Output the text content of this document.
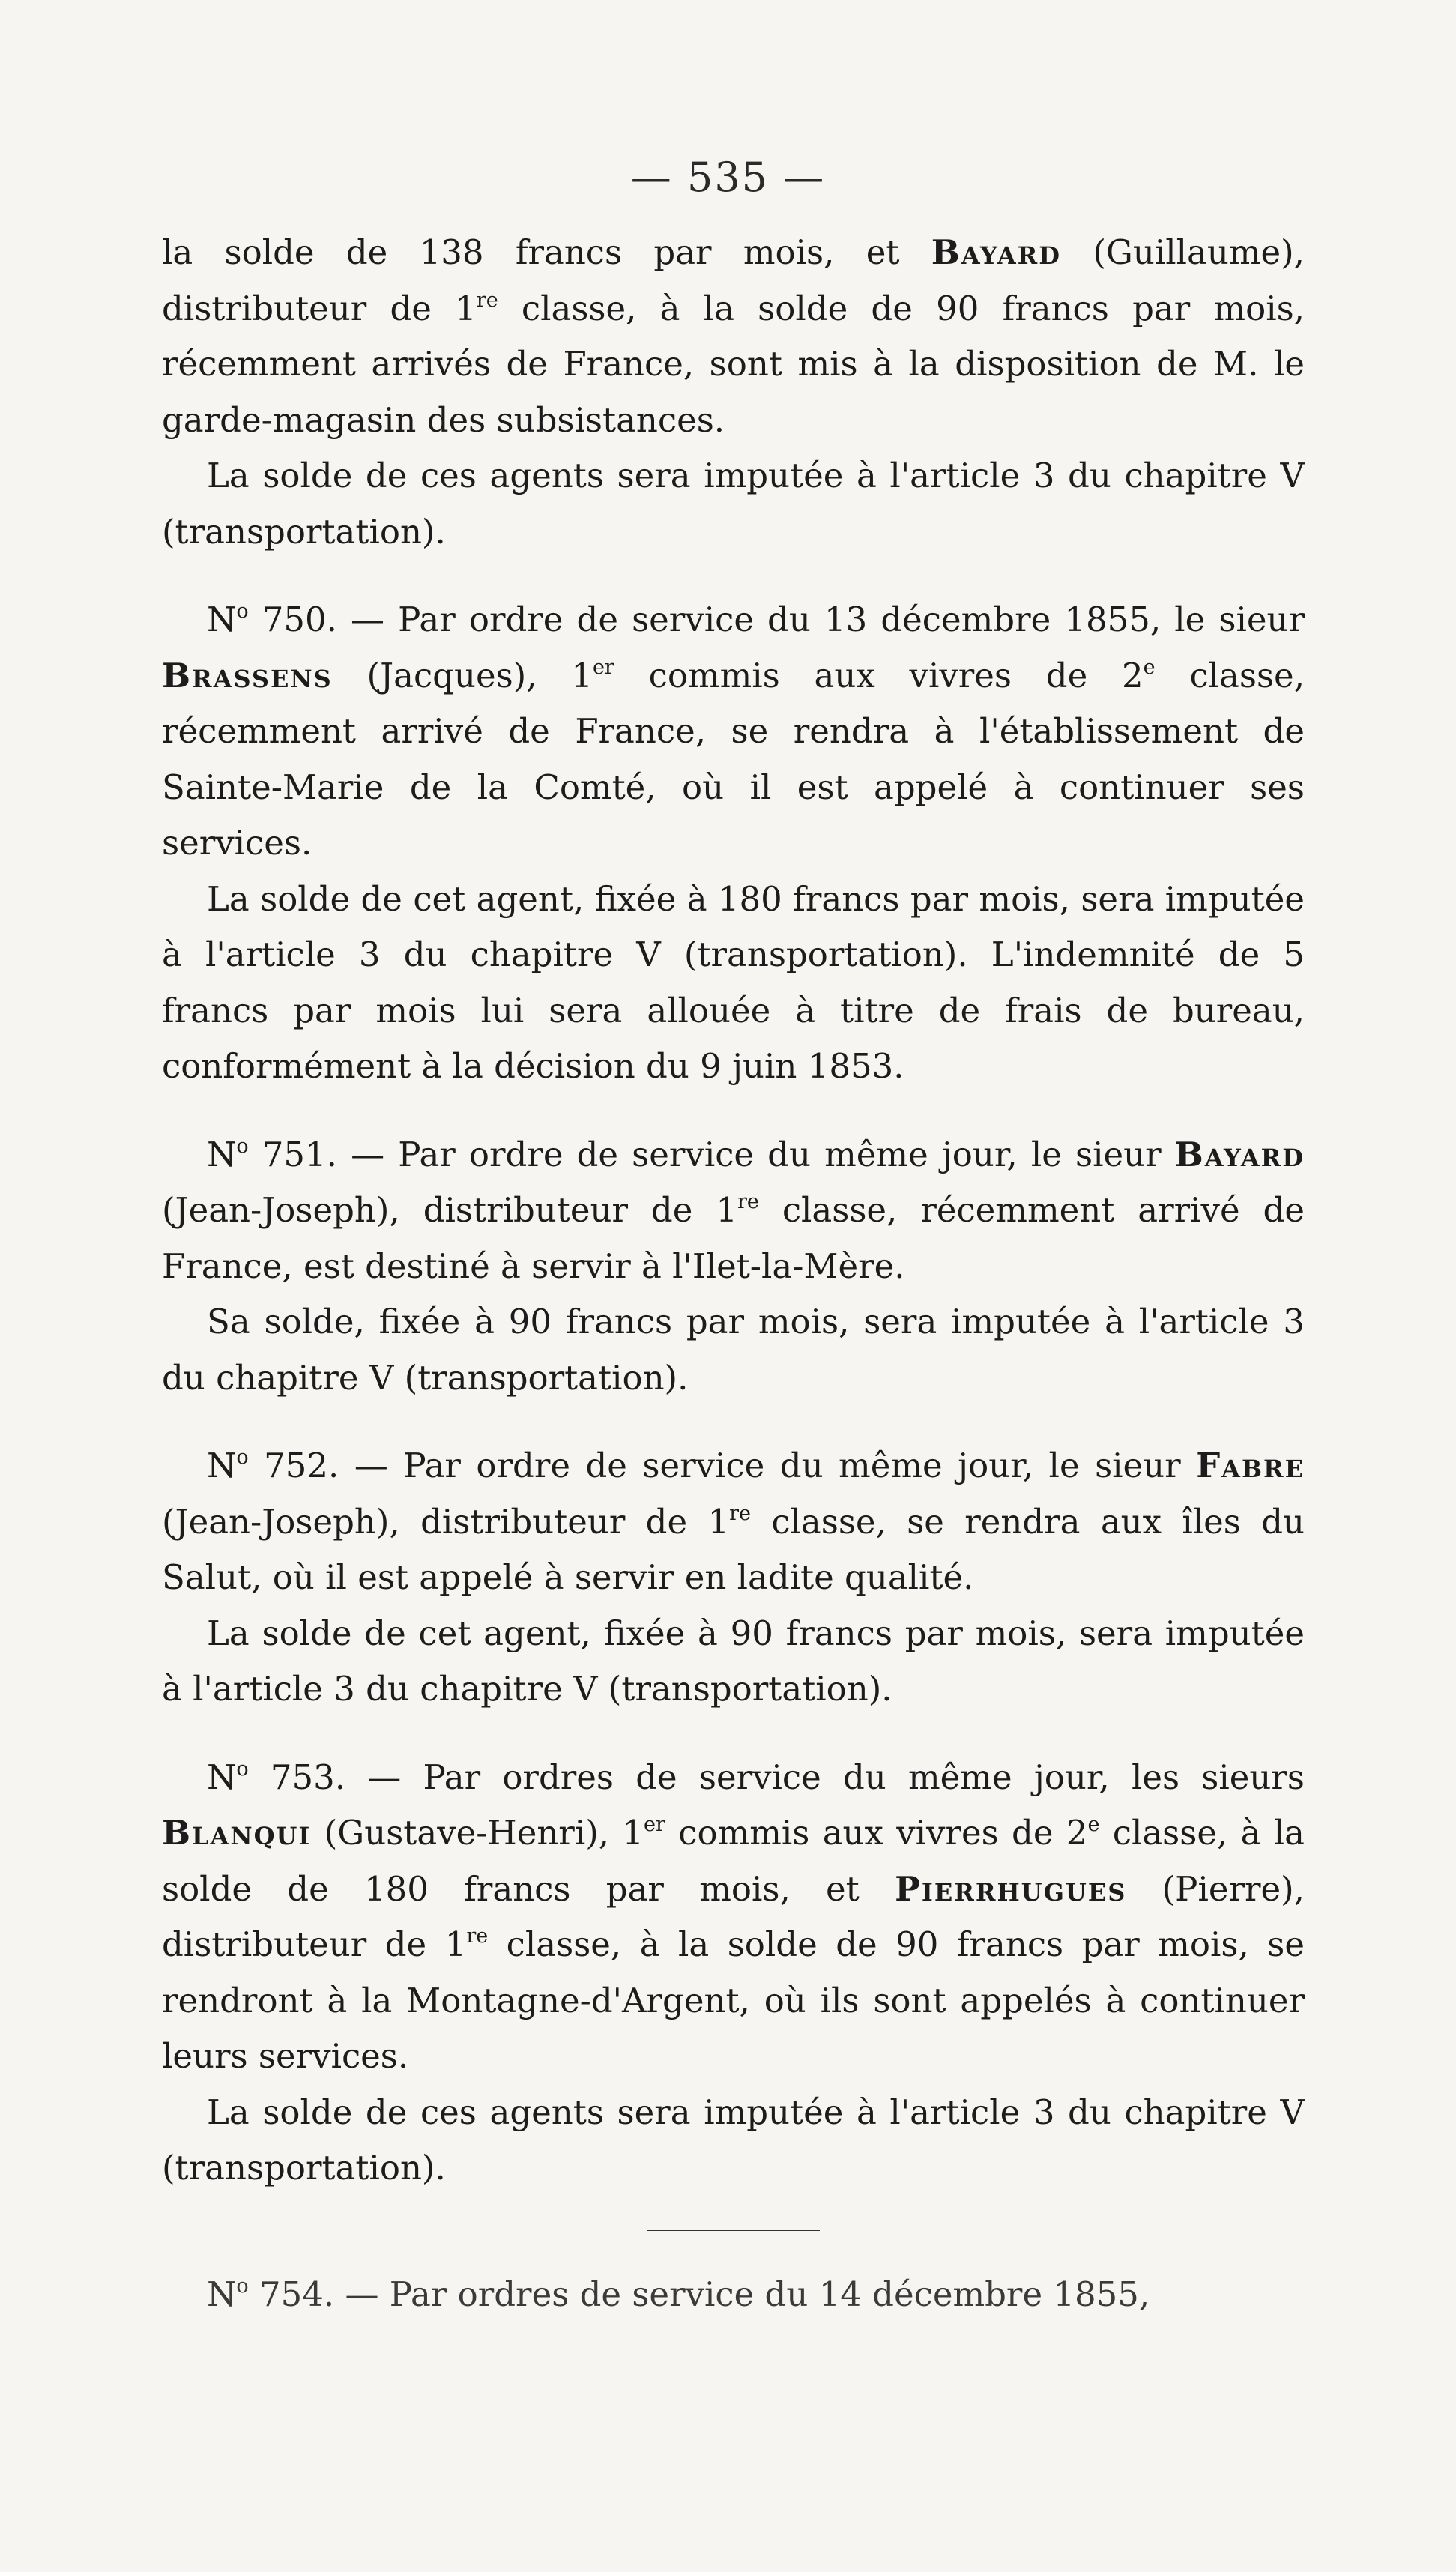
— 535 —

la solde de 138 francs par mois, et Bayard (Guillaume), distributeur de 1re classe, à la solde de 90 francs par mois, récemment arrivés de France, sont mis à la disposition de M. le garde-magasin des subsistances.

La solde de ces agents sera imputée à l'article 3 du chapitre V (transportation).

$N^o$ 750. — Par ordre de service du 13 décembre 1855, le sieur Brassens (Jacques), 1er commis aux vivres de 2e classe, récemment arrivé de France, se rendra à l'établissement de Sainte-Marie de la Comté, où il est appelé à continuer ses services.

La solde de cet agent, fixée à 180 francs par mois, sera imputée à l'article 3 du chapitre V (transportation). L'indemnité de 5 francs par mois lui sera allouée à titre de frais de bureau, conformément à la décision du 9 juin 1853.

$N^o$ 751. — Par ordre de service du même jour, le sieur Bayard (Jean-Joseph), distributeur de 1re classe, récemment arrivé de France, est destiné à servir à l'Ilet-la-Mère.

Sa solde, fixée à 90 francs par mois, sera imputée à l'article 3 du chapitre V (transportation).

$N^o$ 752. — Par ordre de service du même jour, le sieur Fabre (Jean-Joseph), distributeur de 1re classe, se rendra aux îles du Salut, où il est appelé à servir en ladite qualité.

La solde de cet agent, fixée à 90 francs par mois, sera imputée à l'article 3 du chapitre V (transportation).

$N^o$ 753. — Par ordres de service du même jour, les sieurs Blanqui (Gustave-Henri), 1er commis aux vivres de 2e classe, à la solde de 180 francs par mois, et Pierrhugues (Pierre), distributeur de 1re classe, à la solde de 90 francs par mois, se rendront à la Montagne-d'Argent, où ils sont appelés à continuer leurs services.

La solde de ces agents sera imputée à l'article 3 du chapitre V (transportation).

$N^o$ 754. — Par ordres de service du 14 décembre 1855,
